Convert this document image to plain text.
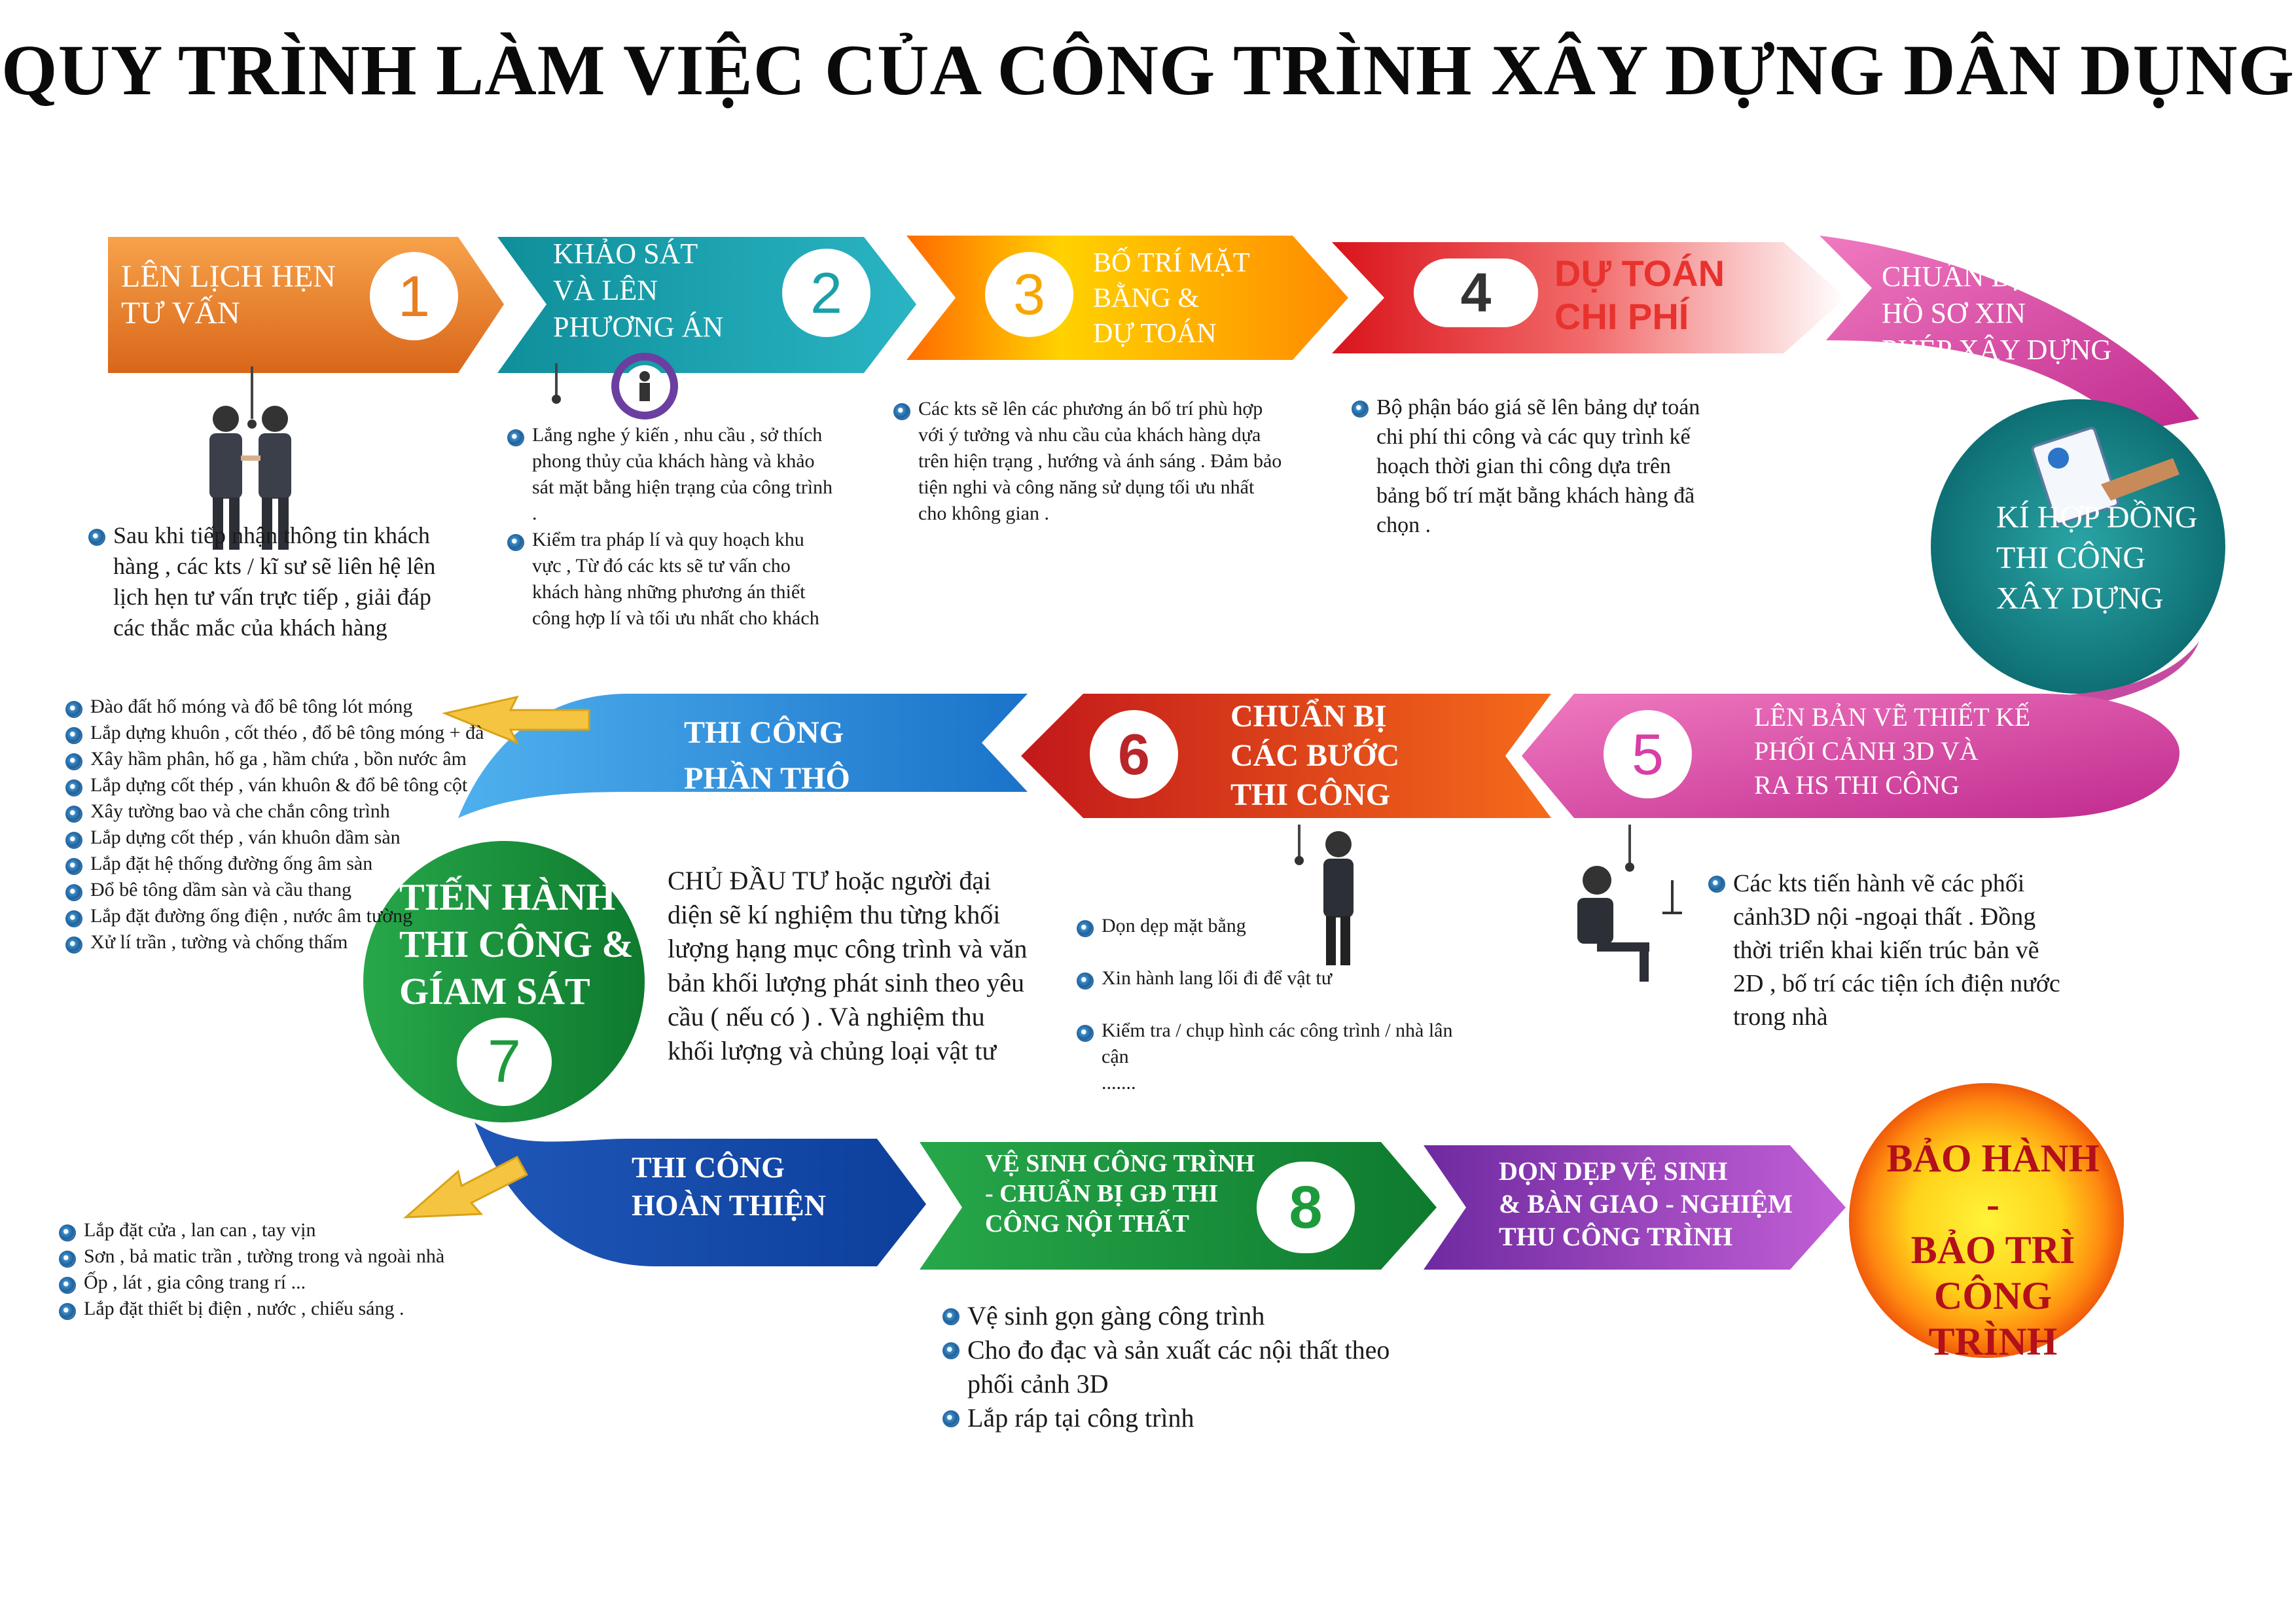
QUY TRÌNH LÀM VIỆC CỦA CÔNG TRÌNH XÂY DỰNG DÂN DỤNG
LÊN LỊCH HẸN
TƯ VẤN	1
KHẢO SÁT
VÀ LÊN
PHƯƠNG ÁN
2	3	BỐ TRÍ MẶT
BẰNG &
DỰ TOÁN
4	DỰ TOÁN
CHI PHÍ
CHUẨN BỊ
HỒ SƠ XIN
PHÉP XÂY DỰNG
KÍ HỢP ĐỒNG
THI CÔNG
XÂY DỰNG
5
LÊN BẢN VẼ THIẾT KẾ
PHỐI CẢNH 3D VÀ
RA HS THI CÔNG
6
CHUẨN BỊ
CÁC BƯỚC
THI CÔNG
THI CÔNG
PHẦN THÔ
TIẾN HÀNH
THI CÔNG &
GÍAM SÁT
7
THI CÔNG
HOÀN THIỆN
VỆ SINH CÔNG TRÌNH
- CHUẨN BỊ GĐ THI
CÔNG NỘI THẤT	8
DỌN DẸP VỆ SINH
& BÀN GIAO - NGHIỆM
THU CÔNG TRÌNH
BẢO HÀNH -
BẢO TRÌ
CÔNG TRÌNH
Sau khi tiếp nhận thông tin khách hàng , các kts / kĩ sư sẽ liên hệ lên lịch hẹn tư vấn trực tiếp , giải đáp các thắc mắc của khách hàng
Lắng nghe ý kiến , nhu cầu , sở thích phong thủy của khách hàng và khảo sát mặt bằng hiện trạng của công trình .
Kiểm tra pháp lí và quy hoạch khu vực , Từ đó các kts sẽ tư vấn cho khách hàng những phương án thiết công hợp lí và tối ưu nhất cho khách
Các kts sẽ lên các phương án bố trí phù hợp với ý tưởng và nhu cầu của khách hàng dựa trên hiện trạng , hướng và ánh sáng . Đảm bảo tiện nghi và công năng sử dụng tối ưu nhất cho không gian .
Bộ phận báo giá sẽ lên bảng dự toán chi phí thi công và các quy trình kế hoạch thời gian thi công dựa trên bảng bố trí mặt bằng khách hàng đã chọn .
Các kts tiến hành vẽ các phối cảnh3D nội -ngoại thất . Đồng thời triển khai kiến trúc bản vẽ 2D , bố trí các tiện ích điện nước trong nhà

Dọn dẹp mặt bằng

Xin hành lang lối đi để vật tư

Kiểm tra / chụp hình các công trình / nhà lân cận
.......

CHỦ ĐẦU TƯ hoặc người đại diện sẽ kí nghiệm thu từng khối lượng hạng mục công trình và văn bản khối lượng phát sinh theo yêu cầu ( nếu có ) . Và nghiệm thu khối lượng và chủng loại vật tư
Đào đất hố móng và đổ bê tông lót móng
Lắp dựng khuôn , cốt théo , đổ bê tông móng + đà
Xây hầm phân, hố ga , hầm chứa , bồn nước âm
Lắp dựng cốt thép , ván khuôn & đổ bê tông cột
Xây tường bao và che chắn công trình
Lắp dựng cốt thép , ván khuôn dầm sàn
Lắp đặt hệ thống đường ống âm sàn
Đổ bê tông dầm sàn và cầu thang
Lắp đặt đường ống điện , nước âm tường
Xử lí trần , tường và chống thấm
Lắp đặt cửa , lan can , tay vịn
Sơn , bả matic trần , tường trong và ngoài nhà
Ốp , lát , gia công trang rí ...
Lắp đặt thiết bị điện , nước , chiếu sáng .	Vệ sinh gọn gàng công trình
Cho đo đạc và sản xuất các nội thất theo phối cảnh 3D
Lắp ráp tại công trình
